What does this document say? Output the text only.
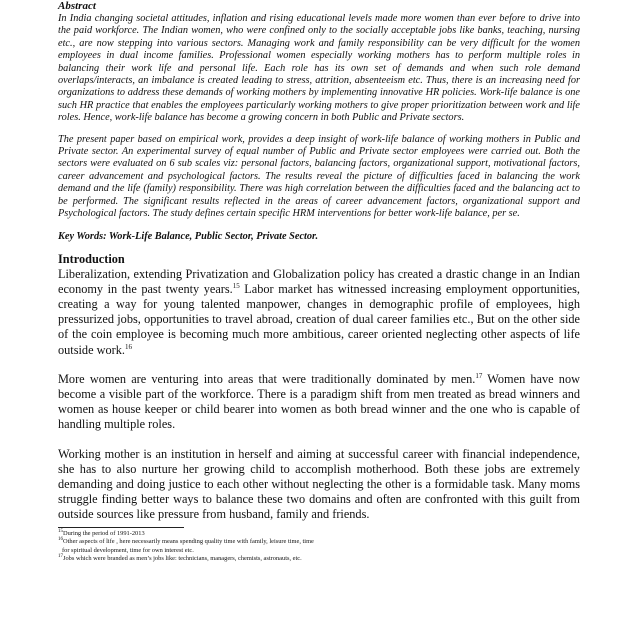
Abstract

In India changing societal attitudes, inflation and rising educational levels made more women than ever before to drive into the paid workforce. The Indian women, who were confined only to the socially acceptable jobs like banks, teaching, nursing etc., are now stepping into various sectors. Managing work and family responsibility can be very difficult for the women employees in dual income families. Professional women especially working mothers has to perform multiple roles in balancing their work life and personal life. Each role has its own set of demands and when such role demand overlaps/interacts, an imbalance is created leading to stress, attrition, absenteeism etc. Thus, there is an increasing need for organizations to address these demands of working mothers by implementing innovative HR policies. Work-life balance is one such HR practice that enables the employees particularly working mothers to give proper prioritization between work and life roles. Hence, work-life balance has become a growing concern in both Public and Private sectors.

The present paper based on empirical work, provides a deep insight of work-life balance of working mothers in Public and Private sector. An experimental survey of equal number of Public and Private sector employees were carried out. Both the sectors were evaluated on 6 sub scales viz: personal factors, balancing factors, organizational support, motivational factors, career advancement and psychological factors. The results reveal the picture of difficulties faced in balancing the work demand and the life (family) responsibility. There was high correlation between the difficulties faced and the balancing act to be performed. The significant results reflected in the areas of career advancement factors, organizational support and Psychological factors. The study defines certain specific HRM interventions for better work-life balance, per se.

Key Words: Work-Life Balance, Public Sector, Private Sector.

Introduction

Liberalization, extending Privatization and Globalization policy has created a drastic change in an Indian economy in the past twenty years.$^{15}$ Labor market has witnessed increasing employment opportunities, creating a way for young talented manpower, changes in demographic profile of employees, high pressurized jobs, opportunities to travel abroad, creation of dual career families etc., But on the other side of the coin employee is becoming much more ambitious, career oriented neglecting other aspects of life outside work.$^{16}$

More women are venturing into areas that were traditionally dominated by men.$^{17}$ Women have now become a visible part of the workforce. There is a paradigm shift from men treated as bread winners and women as house keeper or child bearer into women as both bread winner and the one who is capable of handling multiple roles.

Working mother is an institution in herself and aiming at successful career with financial independence, she has to also nurture her growing child to accomplish motherhood. Both these jobs are extremely demanding and doing justice to each other without neglecting the other is a formidable task. Many moms struggle finding better ways to balance these two domains and often are confronted with this guilt from outside sources like pressure from husband, family and friends.

$^{15}$During the period of 1991-2013

$^{16}$Other aspects of life , here necessarily means spending quality time with family, leisure time, time

for spiritual development, time for own interest etc.

$^{17}$Jobs which were branded as men’s jobs like: technicians, managers, chemists, astronauts, etc.
